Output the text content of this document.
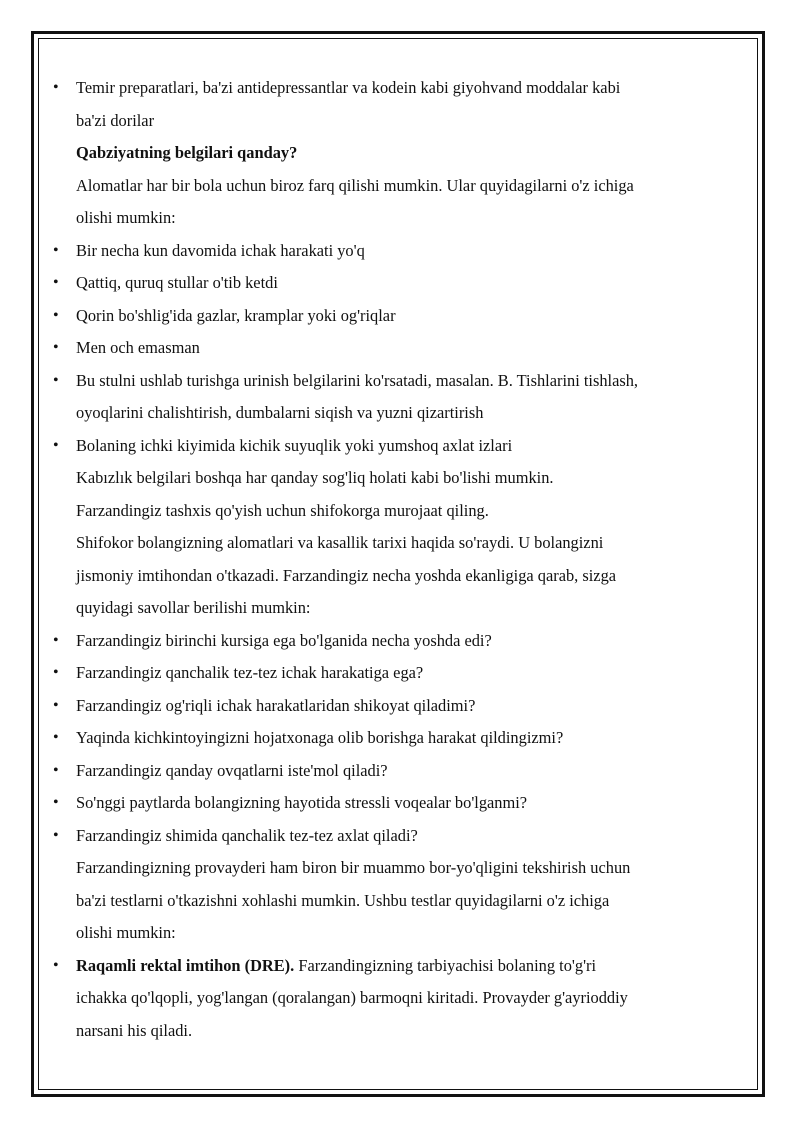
• Temir preparatlari, ba'zi antidepressantlar va kodein kabi giyohvand moddalar kabi
ba'zi dorilar
Qabziyatning belgilari qanday?
Alomatlar har bir bola uchun biroz farq qilishi mumkin. Ular quyidagilarni o'z ichiga
olishi mumkin:
• Bir necha kun davomida ichak harakati yo'q
• Qattiq, quruq stullar o'tib ketdi
• Qorin bo'shlig'ida gazlar, kramplar yoki og'riqlar
• Men och emasman
• Bu stulni ushlab turishga urinish belgilarini ko'rsatadi, masalan. B. Tishlarini tishlash,
oyoqlarini chalishtirish, dumbalarni siqish va yuzni qizartirish
• Bolaning ichki kiyimida kichik suyuqlik yoki yumshoq axlat izlari
Kabızlık belgilari boshqa har qanday sog'liq holati kabi bo'lishi mumkin.
Farzandingiz tashxis qo'yish uchun shifokorga murojaat qiling.
Shifokor bolangizning alomatlari va kasallik tarixi haqida so'raydi. U bolangizni
jismoniy imtihondan o'tkazadi. Farzandingiz necha yoshda ekanligiga qarab, sizga
quyidagi savollar berilishi mumkin:
• Farzandingiz birinchi kursiga ega bo'lganida necha yoshda edi?
• Farzandingiz qanchalik tez-tez ichak harakatiga ega?
• Farzandingiz og'riqli ichak harakatlaridan shikoyat qiladimi?
• Yaqinda kichkintoyingizni hojatxonaga olib borishga harakat qildingizmi?
• Farzandingiz qanday ovqatlarni iste'mol qiladi?
• So'nggi paytlarda bolangizning hayotida stressli voqealar bo'lganmi?
• Farzandingiz shimida qanchalik tez-tez axlat qiladi?
Farzandingizning provayderi ham biron bir muammo bor-yo'qligini tekshirish uchun
ba'zi testlarni o'tkazishni xohlashi mumkin. Ushbu testlar quyidagilarni o'z ichiga
olishi mumkin:
• Raqamli rektal imtihon (DRE). Farzandingizning tarbiyachisi bolaning to'g'ri
ichakka qo'lqopli, yog'langan (qoralangan) barmoqni kiritadi. Provayder g'ayrioddiy
narsani his qiladi.
